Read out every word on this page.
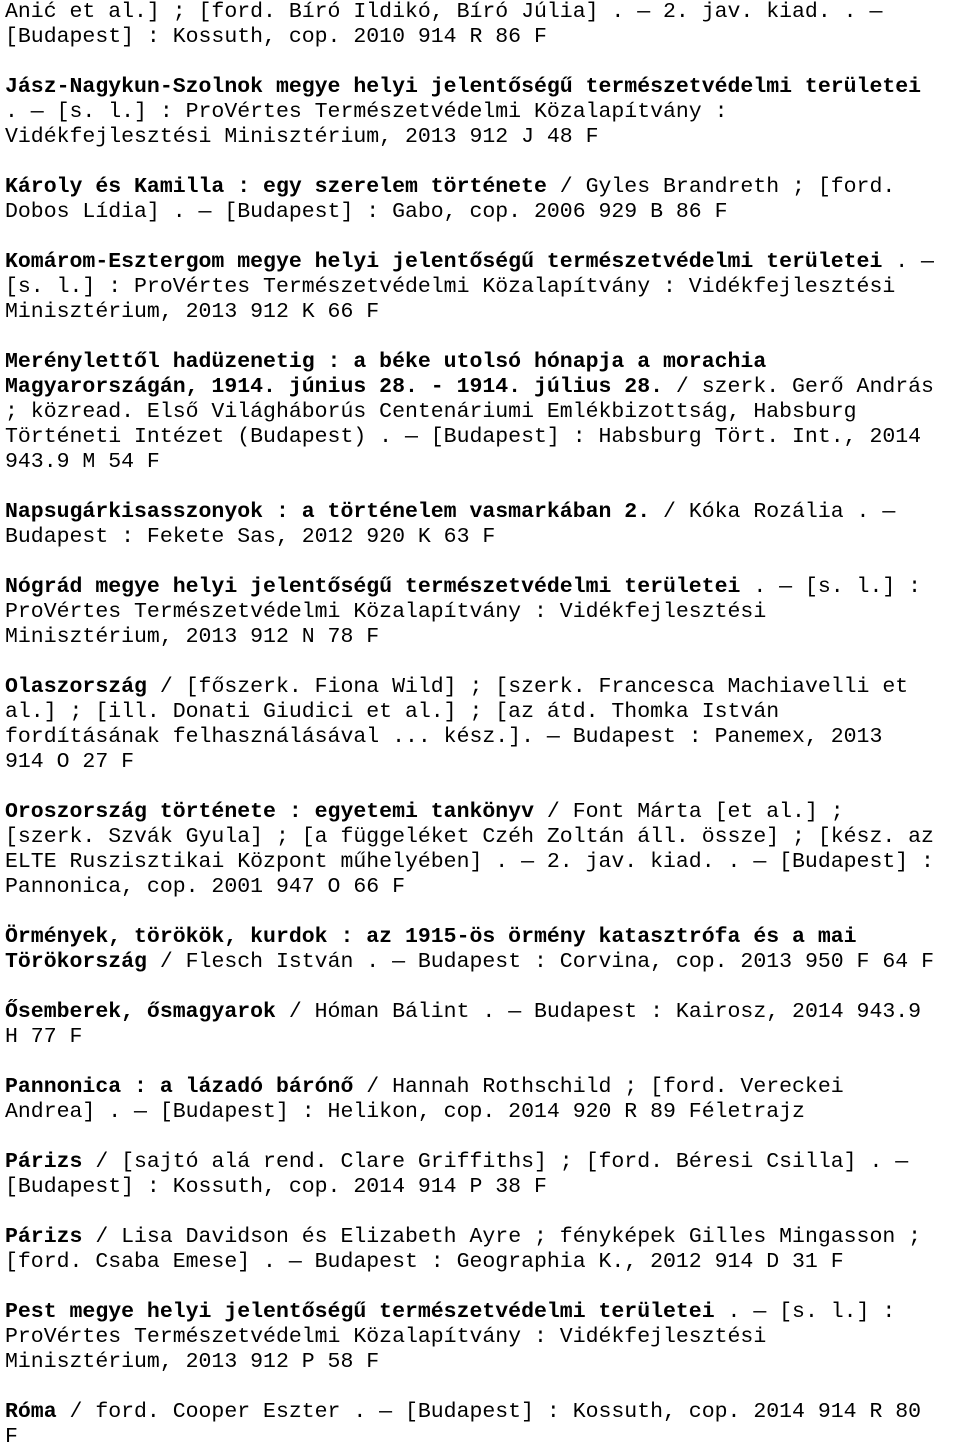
Anić et al.] ; [ford. Bíró Ildikó, Bíró Júlia] . — 2. jav. kiad. . —
[Budapest] : Kossuth, cop. 2010 914 R 86 F
Jász-Nagykun-Szolnok megye helyi jelentőségű természetvédelmi területei
. — [s. l.] : ProVértes Természetvédelmi Közalapítvány :
Vidékfejlesztési Minisztérium, 2013 912 J 48 F
Károly és Kamilla : egy szerelem története / Gyles Brandreth ; [ford.
Dobos Lídia] . — [Budapest] : Gabo, cop. 2006 929 B 86 F
Komárom-Esztergom megye helyi jelentőségű természetvédelmi területei . —
[s. l.] : ProVértes Természetvédelmi Közalapítvány : Vidékfejlesztési
Minisztérium, 2013 912 K 66 F
Merénylettől hadüzenetig : a béke utolsó hónapja a morachia
Magyarországán, 1914. június 28. - 1914. július 28. / szerk. Gerő András
; közread. Első Világháborús Centenáriumi Emlékbizottság, Habsburg
Történeti Intézet (Budapest) . — [Budapest] : Habsburg Tört. Int., 2014
943.9 M 54 F
Napsugárkisasszonyok : a történelem vasmarkában 2. / Kóka Rozália . —
Budapest : Fekete Sas, 2012 920 K 63 F
Nógrád megye helyi jelentőségű természetvédelmi területei . — [s. l.] :
ProVértes Természetvédelmi Közalapítvány : Vidékfejlesztési
Minisztérium, 2013 912 N 78 F
Olaszország / [főszerk. Fiona Wild] ; [szerk. Francesca Machiavelli et
al.] ; [ill. Donati Giudici et al.] ; [az átd. Thomka István
fordításának felhasználásával ... kész.]. — Budapest : Panemex, 2013
914 O 27 F
Oroszország története : egyetemi tankönyv / Font Márta [et al.] ;
[szerk. Szvák Gyula] ; [a függeléket Czéh Zoltán áll. össze] ; [kész. az
ELTE Ruszisztikai Központ műhelyében] . — 2. jav. kiad. . — [Budapest] :
Pannonica, cop. 2001 947 O 66 F
Örmények, törökök, kurdok : az 1915-ös örmény katasztrófa és a mai
Törökország / Flesch István . — Budapest : Corvina, cop. 2013 950 F 64 F
Ősemberek, ősmagyarok / Hóman Bálint . — Budapest : Kairosz, 2014 943.9
H 77 F
Pannonica : a lázadó bárónő / Hannah Rothschild ; [ford. Vereckei
Andrea] . — [Budapest] : Helikon, cop. 2014 920 R 89 Féletrajz
Párizs / [sajtó alá rend. Clare Griffiths] ; [ford. Béresi Csilla] . —
[Budapest] : Kossuth, cop. 2014 914 P 38 F
Párizs / Lisa Davidson és Elizabeth Ayre ; fényképek Gilles Mingasson ;
[ford. Csaba Emese] . — Budapest : Geographia K., 2012 914 D 31 F
Pest megye helyi jelentőségű természetvédelmi területei . — [s. l.] :
ProVértes Természetvédelmi Közalapítvány : Vidékfejlesztési
Minisztérium, 2013 912 P 58 F
Róma / ford. Cooper Eszter . — [Budapest] : Kossuth, cop. 2014 914 R 80
F
